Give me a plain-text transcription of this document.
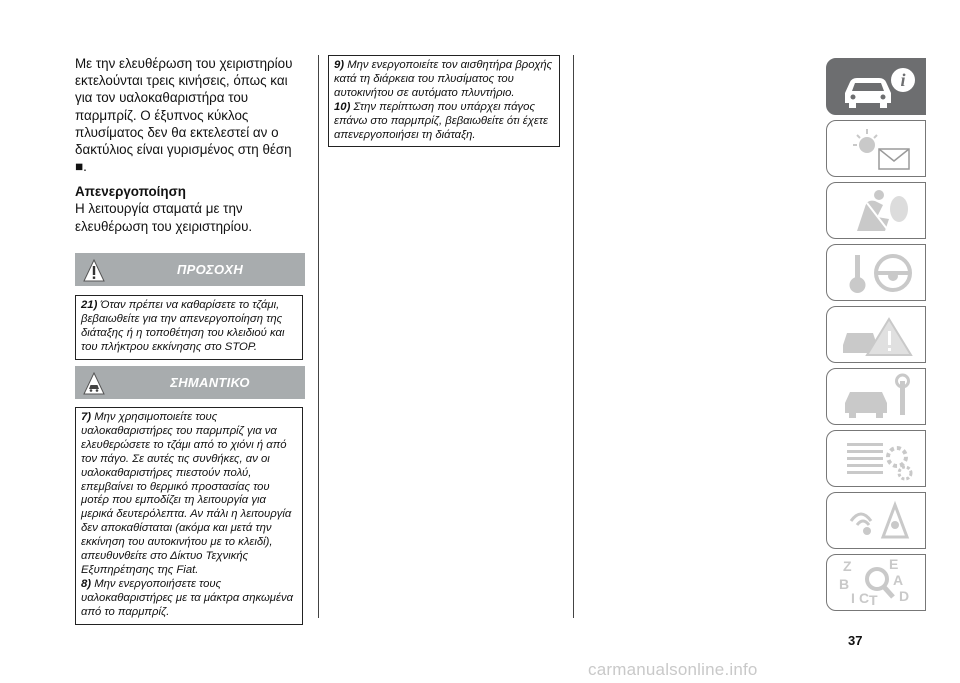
Με την ελευθέρωση του χειριστηρίου εκτελούνται τρεις κινήσεις, όπως και για τον υαλοκαθαριστήρα του παρμπρίζ. Ο έξυπνος κύκλος πλυσίματος δεν θα εκτελεστεί αν ο δακτύλιος είναι γυρισμένος στη θέση
■.

Απενεργοποίηση

Η λειτουργία σταματά με την ελευθέρωση του χειριστηρίου.

ΠΡΟΣΟΧΗ

21) Όταν πρέπει να καθαρίσετε το τζάμι, βεβαιωθείτε για την απενεργοποίηση της διάταξης ή η τοποθέτηση του κλειδιού και του πλήκτρου εκκίνησης στο STOP.

ΣΗΜΑΝΤΙΚΟ

7) Μην χρησιμοποιείτε τους υαλοκαθαριστήρες του παρμπρίζ για να ελευθερώσετε το τζάμι από το χιόνι ή από τον πάγο. Σε αυτές τις συνθήκες, αν οι υαλοκαθαριστήρες πιεστούν πολύ, επεμβαίνει το θερμικό προστασίας του μοτέρ που εμποδίζει τη λειτουργία για μερικά δευτερόλεπτα. Αν πάλι η λειτουργία δεν αποκαθίσταται (ακόμα και μετά την εκκίνηση του αυτοκινήτου με το κλειδί), απευθυνθείτε στο Δίκτυο Τεχνικής Εξυπηρέτησης της Fiat.

8) Μην ενεργοποιήσετε τους υαλοκαθαριστήρες με τα μάκτρα σηκωμένα από το παρμπρίζ.

9) Μην ενεργοποιείτε τον αισθητήρα βροχής κατά τη διάρκεια του πλυσίματος του αυτοκινήτου σε αυτόματο πλυντήριο.

10) Στην περίπτωση που υπάρχει πάγος επάνω στο παρμπρίζ, βεβαιωθείτε ότι έχετε απενεργοποιήσει τη διάταξη.

i
Z	E
B	A
I C T D
37
carmanualsonline.info
